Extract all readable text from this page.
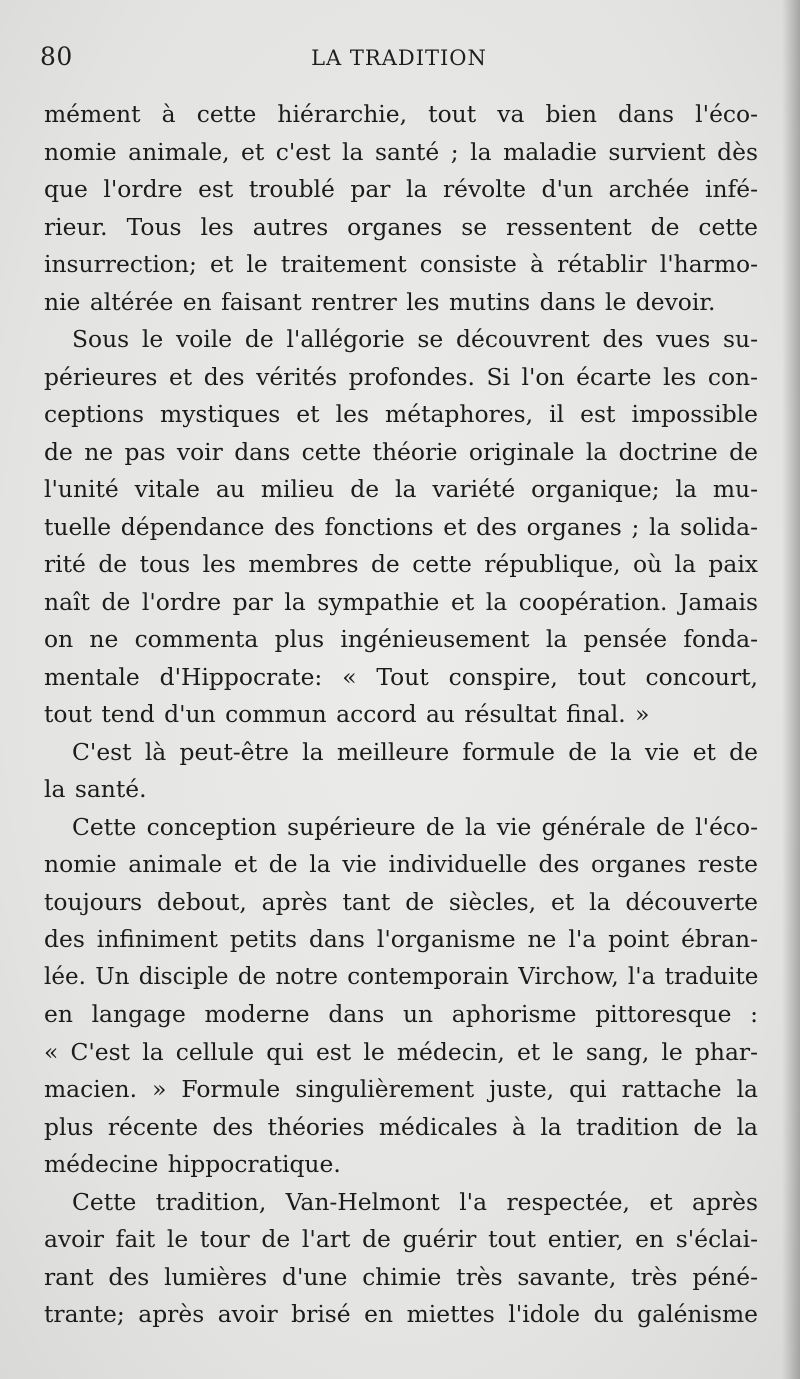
80	LA TRADITION
mément à cette hiérarchie, tout va bien dans l'éco-
nomie animale, et c'est la santé ; la maladie survient dès
que l'ordre est troublé par la révolte d'un archée infé-
rieur. Tous les autres organes se ressentent de cette
insurrection; et le traitement consiste à rétablir l'harmo-
nie altérée en faisant rentrer les mutins dans le devoir.
Sous le voile de l'allégorie se découvrent des vues su-
périeures et des vérités profondes. Si l'on écarte les con-
ceptions mystiques et les métaphores, il est impossible
de ne pas voir dans cette théorie originale la doctrine de
l'unité vitale au milieu de la variété organique; la mu-
tuelle dépendance des fonctions et des organes ; la solida-
rité de tous les membres de cette république, où la paix
naît de l'ordre par la sympathie et la coopération. Jamais
on ne commenta plus ingénieusement la pensée fonda-
mentale d'Hippocrate: « Tout conspire, tout concourt,
tout tend d'un commun accord au résultat final. »
C'est là peut-être la meilleure formule de la vie et de
la santé.
Cette conception supérieure de la vie générale de l'éco-
nomie animale et de la vie individuelle des organes reste
toujours debout, après tant de siècles, et la découverte
des infiniment petits dans l'organisme ne l'a point ébran-
lée. Un disciple de notre contemporain Virchow, l'a traduite
en langage moderne dans un aphorisme pittoresque :
« C'est la cellule qui est le médecin, et le sang, le phar-
macien. » Formule singulièrement juste, qui rattache la
plus récente des théories médicales à la tradition de la
médecine hippocratique.
Cette tradition, Van-Helmont l'a respectée, et après
avoir fait le tour de l'art de guérir tout entier, en s'éclai-
rant des lumières d'une chimie très savante, très péné-
trante; après avoir brisé en miettes l'idole du galénisme
